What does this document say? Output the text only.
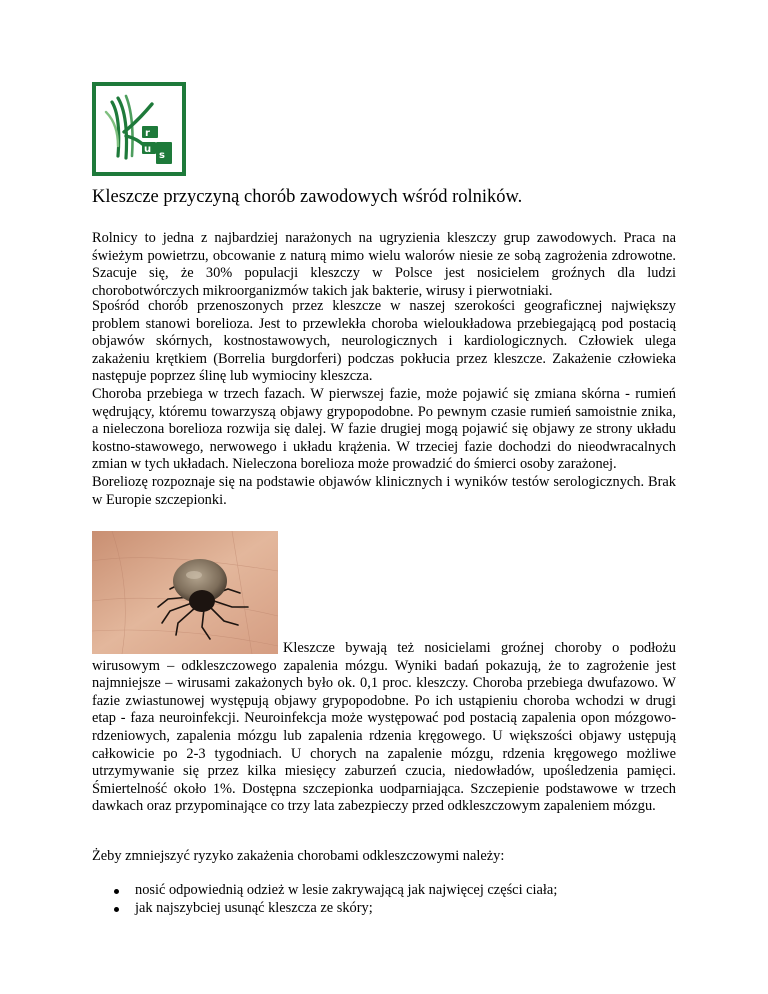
r
u
s
Kleszcze przyczyną chorób zawodowych wśród rolników.

Rolnicy to jedna z najbardziej narażonych na ugryzienia kleszczy grup zawodowych. Praca na świeżym powietrzu, obcowanie z naturą mimo wielu walorów niesie ze sobą zagrożenia zdrowotne. Szacuje się, że 30% populacji kleszczy w Polsce jest nosicielem groźnych dla ludzi chorobotwórczych mikroorganizmów takich jak bakterie, wirusy i pierwotniaki.

Spośród chorób przenoszonych przez kleszcze w naszej szerokości geograficznej największy problem stanowi borelioza. Jest to przewlekła choroba wieloukładowa przebiegającą pod postacią objawów skórnych, kostnostawowych, neurologicznych i kardiologicznych. Człowiek ulega zakażeniu krętkiem (Borrelia burgdorferi) podczas pokłucia przez kleszcze. Zakażenie człowieka następuje poprzez ślinę lub wymiociny kleszcza.
Choroba przebiega w trzech fazach. W pierwszej fazie, może pojawić się zmiana skórna - rumień wędrujący, któremu towarzyszą objawy grypopodobne. Po pewnym czasie rumień samoistnie znika, a nieleczona borelioza rozwija się dalej. W fazie drugiej mogą pojawić się objawy ze strony układu kostno-stawowego, nerwowego i układu krążenia. W trzeciej fazie dochodzi do nieodwracalnych zmian w tych układach. Nieleczona borelioza może prowadzić do śmierci osoby zarażonej.
Boreliozę rozpoznaje się na podstawie objawów klinicznych i wyników testów serologicznych. Brak w Europie szczepionki.

Kleszcze bywają też nosicielami groźnej choroby o podłożu wirusowym – odkleszczowego zapalenia mózgu. Wyniki badań pokazują, że to zagrożenie jest najmniejsze – wirusami zakażonych było ok. 0,1 proc. kleszczy. Choroba przebiega dwufazowo. W fazie zwiastunowej występują objawy grypopodobne. Po ich ustąpieniu choroba wchodzi w drugi etap - faza neuroinfekcji. Neuroinfekcja może występować pod postacią zapalenia opon mózgowo-rdzeniowych, zapalenia mózgu lub zapalenia rdzenia kręgowego. U większości objawy ustępują całkowicie po 2-3 tygodniach. U chorych na zapalenie mózgu, rdzenia kręgowego możliwe utrzymywanie się przez kilka miesięcy zaburzeń czucia, niedowładów, upośledzenia pamięci. Śmiertelność około 1%. Dostępna szczepionka uodparniająca. Szczepienie podstawowe w trzech dawkach oraz przypominające co trzy lata zabezpieczy przed odkleszczowym zapaleniem mózgu.

Żeby zmniejszyć ryzyko zakażenia chorobami odkleszczowymi należy:

nosić odpowiednią odzież w lesie zakrywającą jak najwięcej części ciała;
jak najszybciej usunąć kleszcza ze skóry;
